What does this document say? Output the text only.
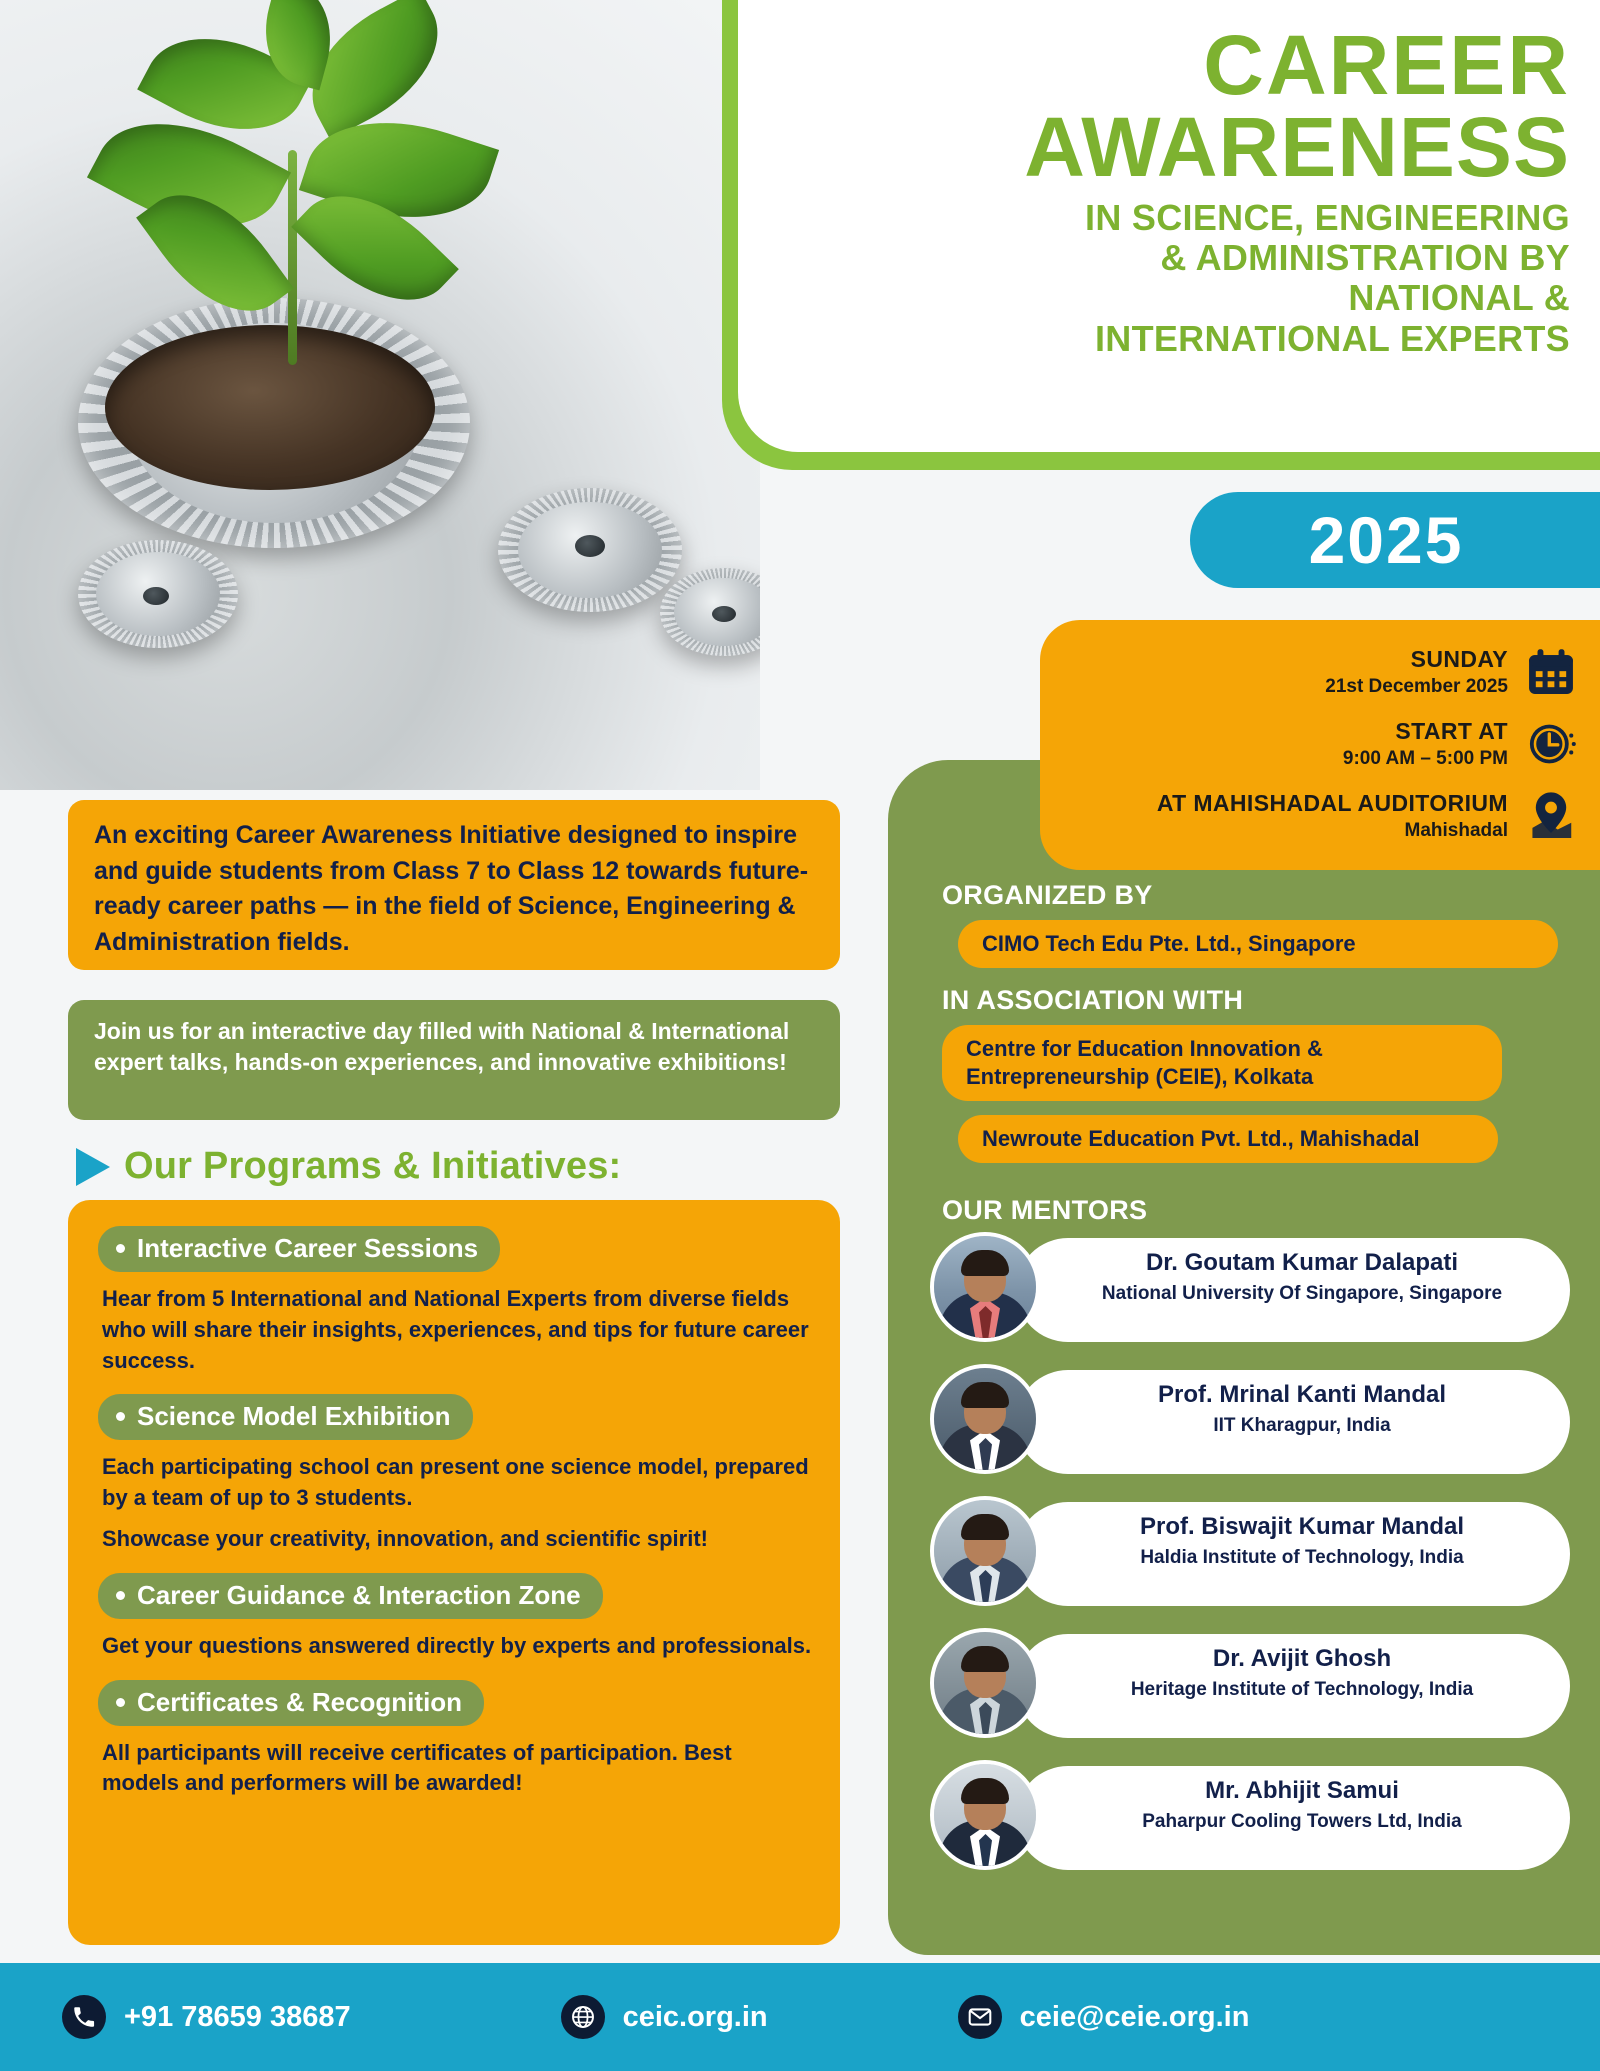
CAREER
AWARENESS
IN SCIENCE, ENGINEERING
& ADMINISTRATION BY
NATIONAL &
INTERNATIONAL EXPERTS
2025
SUNDAY
21st December 2025
START AT
9:00 AM – 5:00 PM
AT MAHISHADAL AUDITORIUM
Mahishadal
An exciting Career Awareness Initiative designed to inspire and guide students from Class 7 to Class 12 towards future-ready career paths — in the field of Science, Engineering & Administration fields.
Join us for an interactive day filled with National & International expert talks, hands-on experiences, and innovative exhibitions!
Our Programs & Initiatives:
Interactive Career Sessions
Hear from 5 International and National Experts from diverse fields who will share their insights, experiences, and tips for future career success.
Science Model Exhibition
Each participating school can present one science model, prepared by a team of up to 3 students.
Showcase your creativity, innovation, and scientific spirit!
Career Guidance & Interaction Zone
Get your questions answered directly by experts and professionals.
Certificates & Recognition
All participants will receive certificates of participation. Best models and performers will be awarded!
ORGANIZED BY
CIMO Tech Edu Pte. Ltd., Singapore
IN ASSOCIATION WITH
Centre for Education Innovation & Entrepreneurship (CEIE), Kolkata
Newroute Education Pvt. Ltd., Mahishadal
OUR MENTORS
Dr. Goutam Kumar Dalapati
National University Of Singapore, Singapore
Prof. Mrinal Kanti Mandal
IIT Kharagpur, India
Prof. Biswajit Kumar Mandal
Haldia Institute of Technology, India
Dr. Avijit Ghosh
Heritage Institute of Technology, India
Mr. Abhijit Samui
Paharpur Cooling Towers Ltd, India
+91 78659 38687	ceic.org.in	ceie@ceie.org.in
